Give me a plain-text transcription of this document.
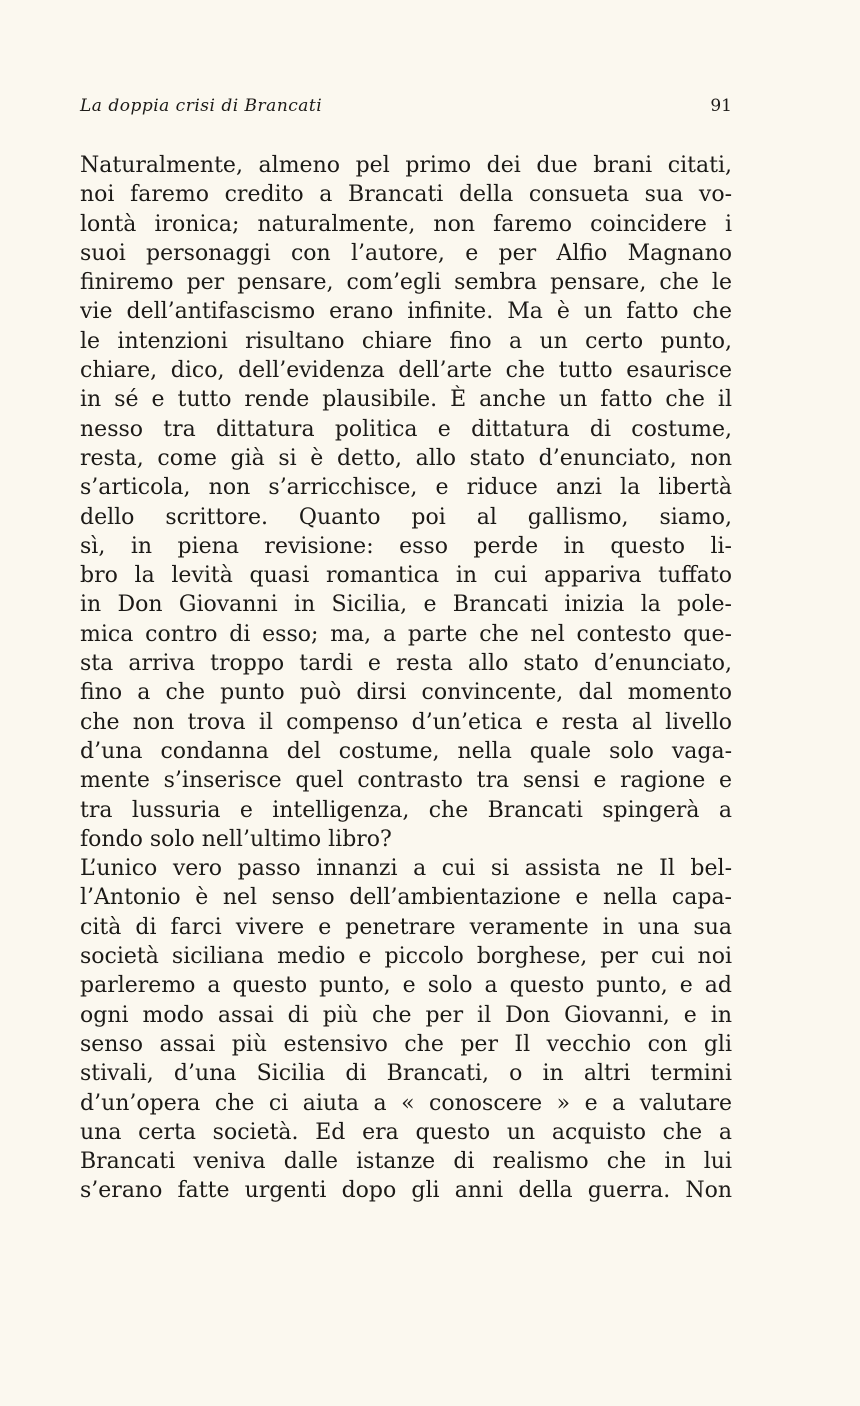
La doppia crisi di Brancati	91
Naturalmente, almeno pel primo dei due brani citati,
noi faremo credito a Brancati della consueta sua vo-
lontà ironica; naturalmente, non faremo coincidere i
suoi personaggi con l’autore, e per Alfio Magnano
finiremo per pensare, com’egli sembra pensare, che le
vie dell’antifascismo erano infinite. Ma è un fatto che
le intenzioni risultano chiare fino a un certo punto,
chiare, dico, dell’evidenza dell’arte che tutto esaurisce
in sé e tutto rende plausibile. È anche un fatto che il
nesso tra dittatura politica e dittatura di costume,
resta, come già si è detto, allo stato d’enunciato, non
s’articola, non s’arricchisce, e riduce anzi la libertà
dello scrittore. Quanto poi al gallismo, siamo,
sì, in piena revisione: esso perde in questo li-
bro la levità quasi romantica in cui appariva tuffato
in Don Giovanni in Sicilia, e Brancati inizia la pole-
mica contro di esso; ma, a parte che nel contesto que-
sta arriva troppo tardi e resta allo stato d’enunciato,
fino a che punto può dirsi convincente, dal momento
che non trova il compenso d’un’etica e resta al livello
d’una condanna del costume, nella quale solo vaga-
mente s’inserisce quel contrasto tra sensi e ragione e
tra lussuria e intelligenza, che Brancati spingerà a
fondo solo nell’ultimo libro?
L’unico vero passo innanzi a cui si assista ne Il bel-
l’Antonio è nel senso dell’ambientazione e nella capa-
cità di farci vivere e penetrare veramente in una sua
società siciliana medio e piccolo borghese, per cui noi
parleremo a questo punto, e solo a questo punto, e ad
ogni modo assai di più che per il Don Giovanni, e in
senso assai più estensivo che per Il vecchio con gli
stivali, d’una Sicilia di Brancati, o in altri termini
d’un’opera che ci aiuta a « conoscere » e a valutare
una certa società. Ed era questo un acquisto che a
Brancati veniva dalle istanze di realismo che in lui
s’erano fatte urgenti dopo gli anni della guerra. Non
